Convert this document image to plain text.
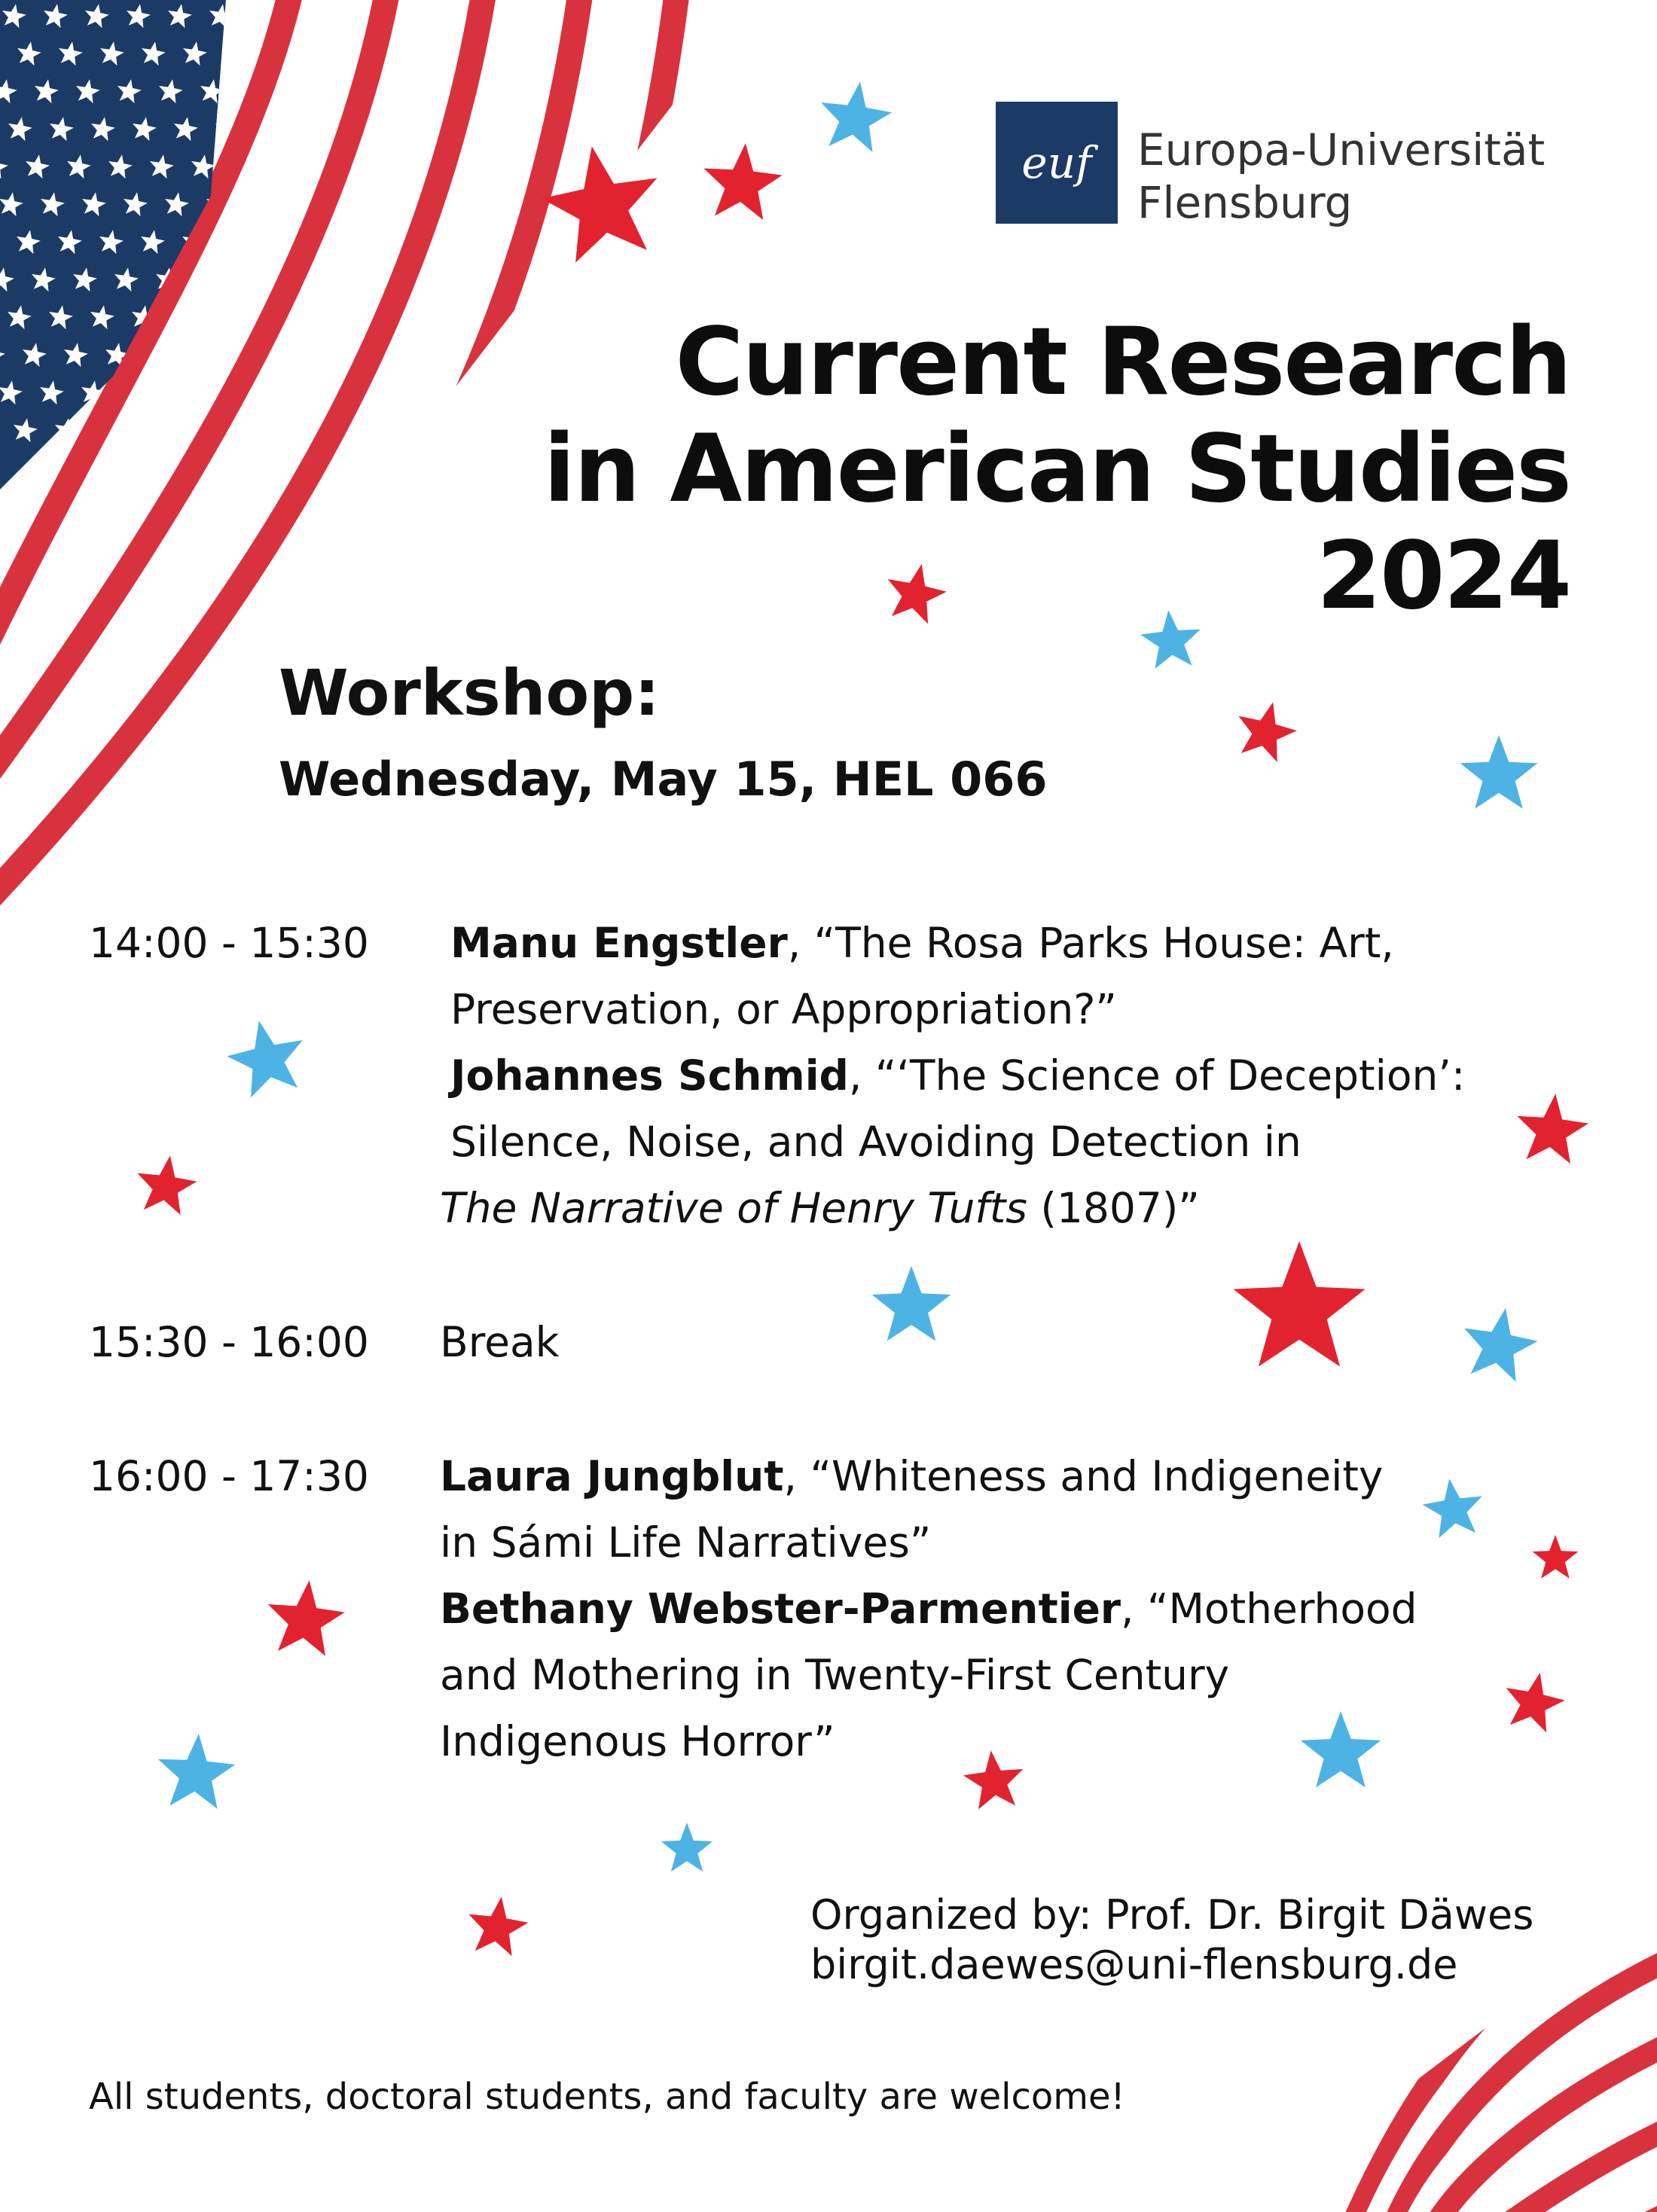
euf	Europa-Universität
Flensburg
Current Research
in American Studies
2024
Workshop:
Wednesday, May 15, HEL 066
14:00 - 15:30 Manu Engstler, “The Rosa Parks House: Art,
Preservation, or Appropriation?”
Johannes Schmid, “‘The Science of Deception’:
Silence, Noise, and Avoiding Detection in
The Narrative of Henry Tufts (1807)”
15:30 - 16:00 Break
16:00 - 17:30 Laura Jungblut, “Whiteness and Indigeneity
in Sámi Life Narratives”
Bethany Webster-Parmentier, “Motherhood
and Mothering in Twenty-First Century
Indigenous Horror”
Organized by: Prof. Dr. Birgit Däwes
birgit.daewes@uni-flensburg.de
All students, doctoral students, and faculty are welcome!
